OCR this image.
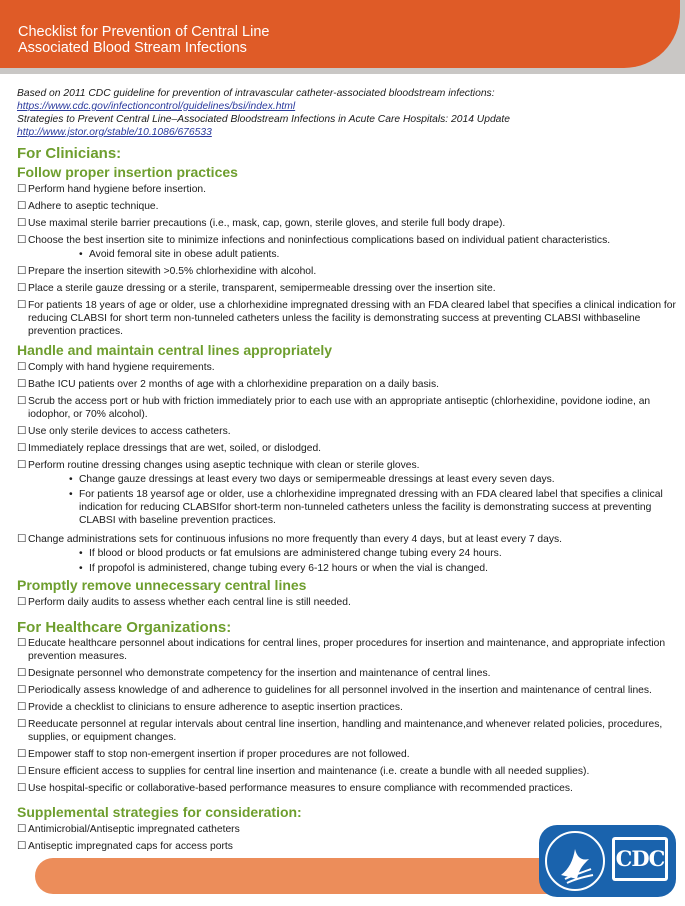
Checklist for Prevention of Central Line
Associated Blood Stream Infections
Based on 2011 CDC guideline for prevention of intravascular catheter-associated bloodstream infections:
https://www.cdc.gov/infectioncontrol/guidelines/bsi/index.html
Strategies to Prevent Central Line–Associated Bloodstream Infections in Acute Care Hospitals: 2014 Update
http://www.jstor.org/stable/10.1086/676533
For Clinicians:
Follow proper insertion practices
☐ Perform hand hygiene before insertion.
☐ Adhere to aseptic technique.
☐ Use maximal sterile barrier precautions (i.e., mask, cap, gown, sterile gloves, and sterile full body drape).
☐ Choose the best insertion site to minimize infections and noninfectious complications based on individual patient characteristics.
• Avoid femoral site in obese adult patients.
☐ Prepare the insertion sitewith >0.5% chlorhexidine with alcohol.
☐ Place a sterile gauze dressing or a sterile, transparent, semipermeable dressing over the insertion site.
☐ For patients 18 years of age or older, use a chlorhexidine impregnated dressing with an FDA cleared label that specifies a clinical indication for reducing CLABSI for short term non-tunneled catheters unless the facility is demonstrating success at preventing CLABSI withbaseline prevention practices.
Handle and maintain central lines appropriately
☐ Comply with hand hygiene requirements.
☐ Bathe ICU patients over 2 months of age with a chlorhexidine preparation on a daily basis.
☐ Scrub the access port or hub with friction immediately prior to each use with an appropriate antiseptic (chlorhexidine, povidone iodine, an iodophor, or 70% alcohol).
☐ Use only sterile devices to access catheters.
☐ Immediately replace dressings that are wet, soiled, or dislodged.
☐ Perform routine dressing changes using aseptic technique with clean or sterile gloves.
• Change gauze dressings at least every two days or semipermeable dressings at least every seven days.
• For patients 18 yearsof age or older, use a chlorhexidine impregnated dressing with an FDA cleared label that specifies a clinical indication for reducing CLABSIfor short-term non-tunneled catheters unless the facility is demonstrating success at preventing CLABSI with baseline prevention practices.
☐ Change administrations sets for continuous infusions no more frequently than every 4 days, but at least every 7 days.
• If blood or blood products or fat emulsions are administered change tubing every 24 hours.
• If propofol is administered, change tubing every 6-12 hours or when the vial is changed.
Promptly remove unnecessary central lines
☐ Perform daily audits to assess whether each central line is still needed.
For Healthcare Organizations:
☐ Educate healthcare personnel about indications for central lines, proper procedures for insertion and maintenance, and appropriate infection prevention measures.
☐ Designate personnel who demonstrate competency for the insertion and maintenance of central lines.
☐ Periodically assess knowledge of and adherence to guidelines for all personnel involved in the insertion and maintenance of central lines.
☐ Provide a checklist to clinicians to ensure adherence to aseptic insertion practices.
☐ Reeducate personnel at regular intervals about central line insertion, handling and maintenance,and whenever related policies, procedures, supplies, or equipment changes.
☐ Empower staff to stop non-emergent insertion if proper procedures are not followed.
☐ Ensure efficient access to supplies for central line insertion and maintenance (i.e. create a bundle with all needed supplies).
☐ Use hospital-specific or collaborative-based performance measures to ensure compliance with recommended practices.
Supplemental strategies for consideration:
☐ Antimicrobial/Antiseptic impregnated catheters
☐ Antiseptic impregnated caps for access ports	CDC
